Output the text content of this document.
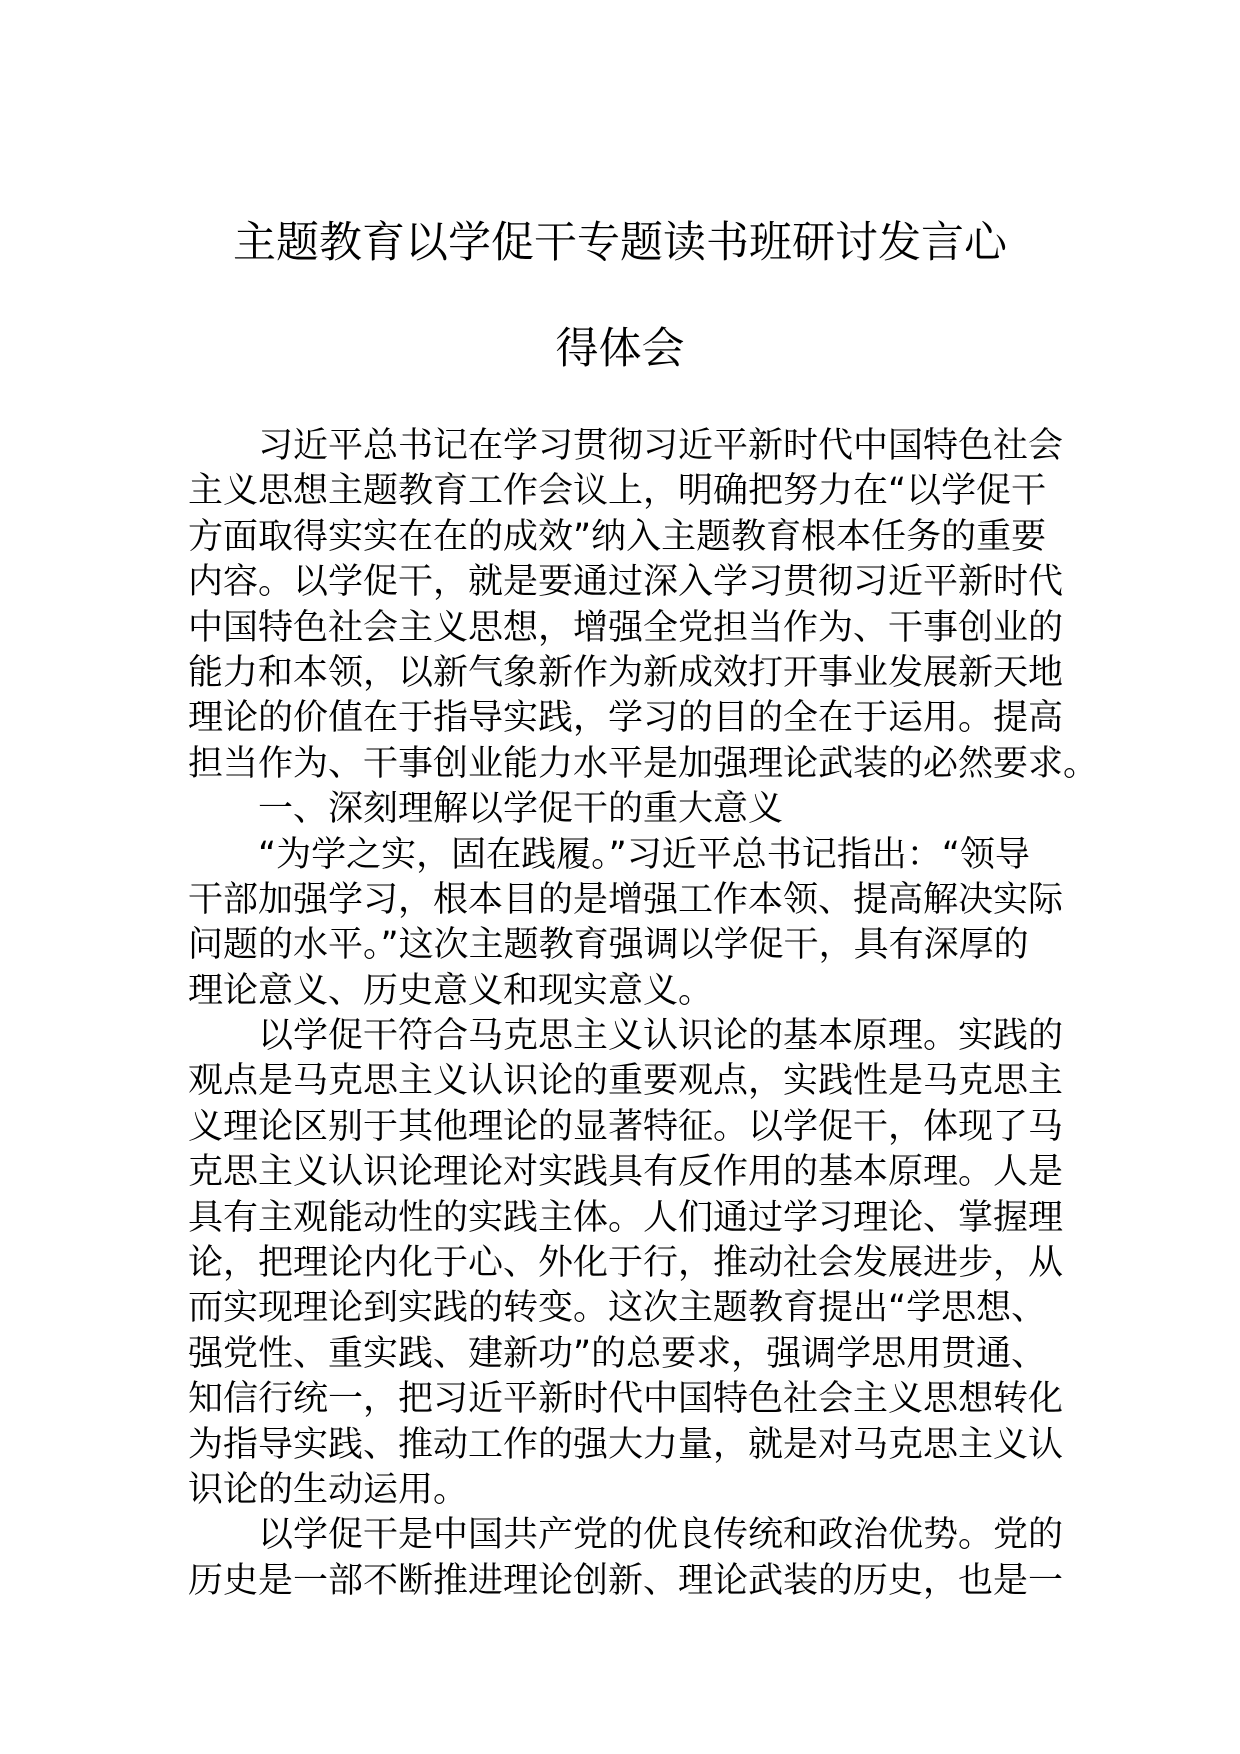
主题教育以学促干专题读书班研讨发言心
得体会
习近平总书记在学习贯彻习近平新时代中国特色社会
主义思想主题教育工作会议上，明确把努力在“以学促干
方面取得实实在在的成效”纳入主题教育根本任务的重要
内容。以学促干，就是要通过深入学习贯彻习近平新时代
中国特色社会主义思想，增强全党担当作为、干事创业的
能力和本领，以新气象新作为新成效打开事业发展新天地
理论的价值在于指导实践，学习的目的全在于运用。提高
担当作为、干事创业能力水平是加强理论武装的必然要求。
一、深刻理解以学促干的重大意义
“为学之实，固在践履。”习近平总书记指出：“领导
干部加强学习，根本目的是增强工作本领、提高解决实际
问题的水平。”这次主题教育强调以学促干，具有深厚的
理论意义、历史意义和现实意义。
以学促干符合马克思主义认识论的基本原理。实践的
观点是马克思主义认识论的重要观点，实践性是马克思主
义理论区别于其他理论的显著特征。以学促干，体现了马
克思主义认识论理论对实践具有反作用的基本原理。人是
具有主观能动性的实践主体。人们通过学习理论、掌握理
论，把理论内化于心、外化于行，推动社会发展进步，从
而实现理论到实践的转变。这次主题教育提出“学思想、
强党性、重实践、建新功”的总要求，强调学思用贯通、
知信行统一，把习近平新时代中国特色社会主义思想转化
为指导实践、推动工作的强大力量，就是对马克思主义认
识论的生动运用。
以学促干是中国共产党的优良传统和政治优势。党的
历史是一部不断推进理论创新、理论武装的历史，也是一
